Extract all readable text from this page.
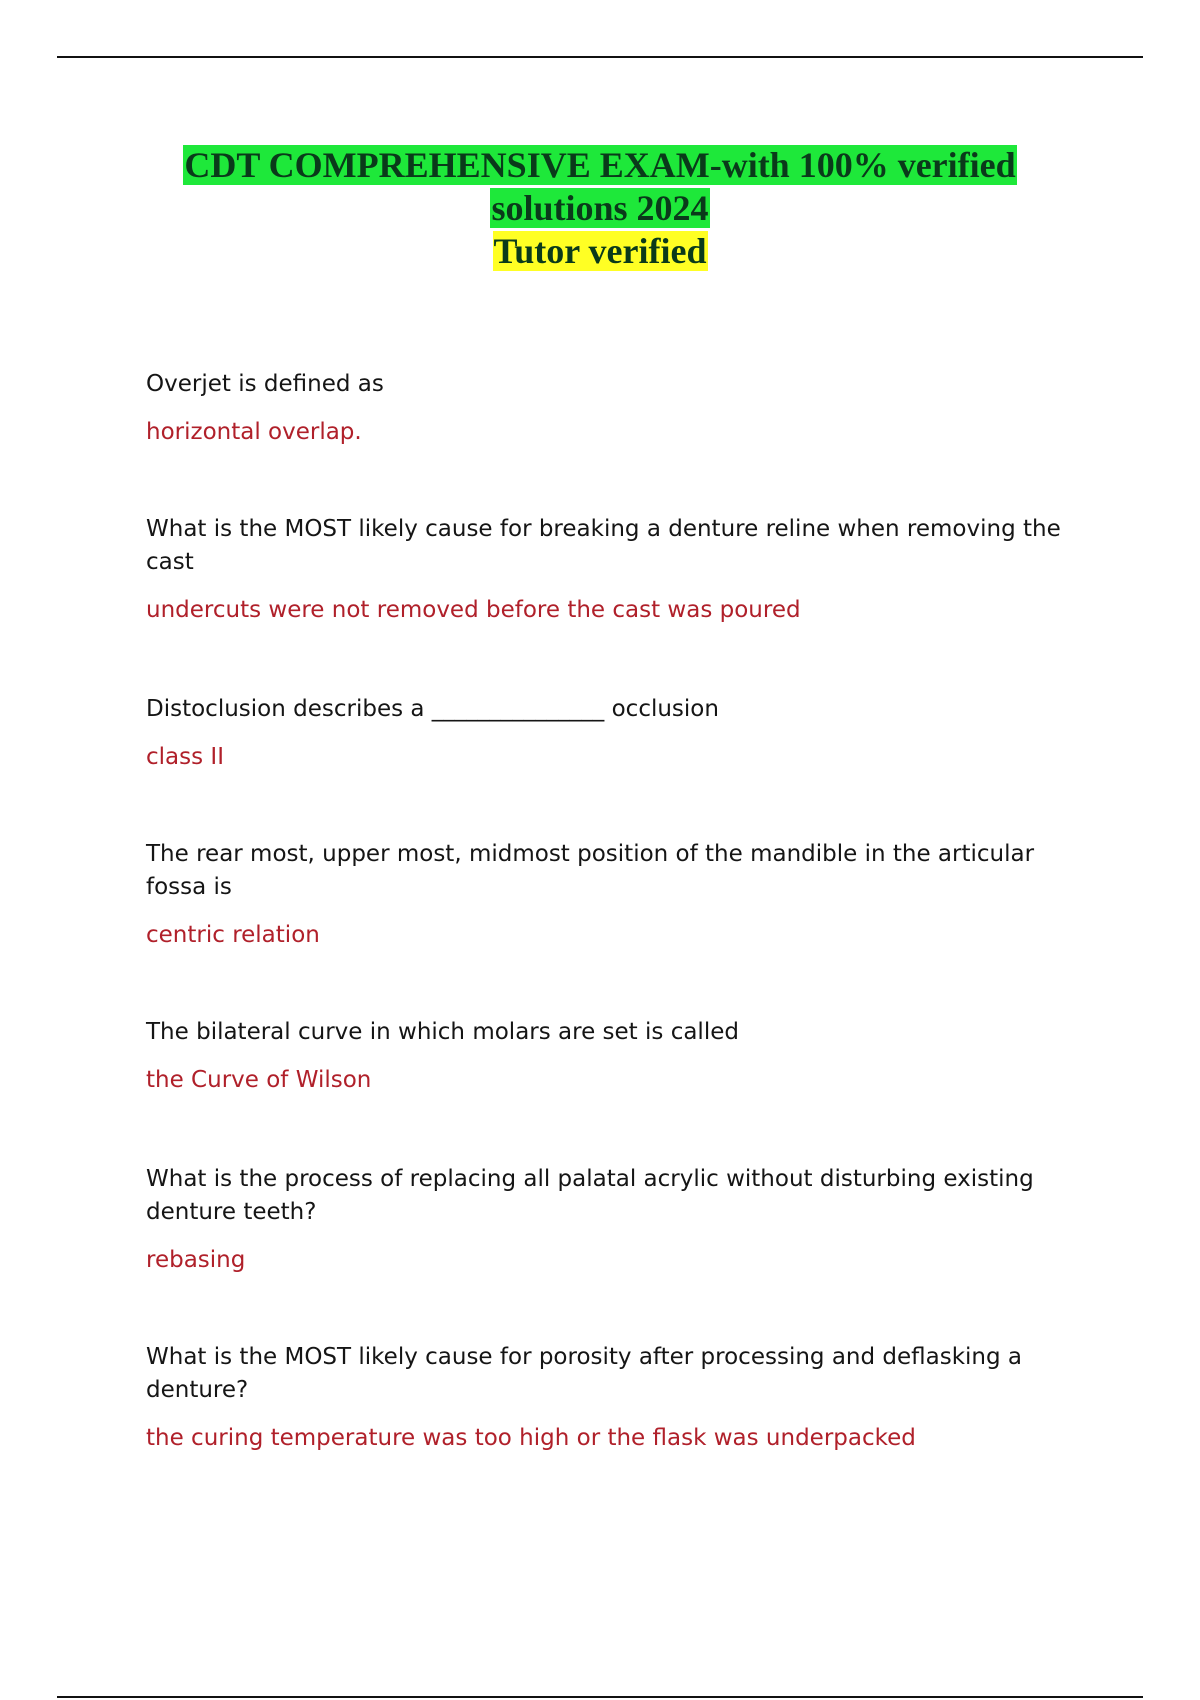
CDT COMPREHENSIVE EXAM-with 100% verified
solutions 2024
Tutor verified

Overjet is defined as

horizontal overlap.

What is the MOST likely cause for breaking a denture reline when removing the cast

undercuts were not removed before the cast was poured

Distoclusion describes a _______________ occlusion

class II

The rear most, upper most, midmost position of the mandible in the articular fossa is

centric relation

The bilateral curve in which molars are set is called

the Curve of Wilson

What is the process of replacing all palatal acrylic without disturbing existing denture teeth?

rebasing

What is the MOST likely cause for porosity after processing and deflasking a denture?

the curing temperature was too high or the flask was underpacked
